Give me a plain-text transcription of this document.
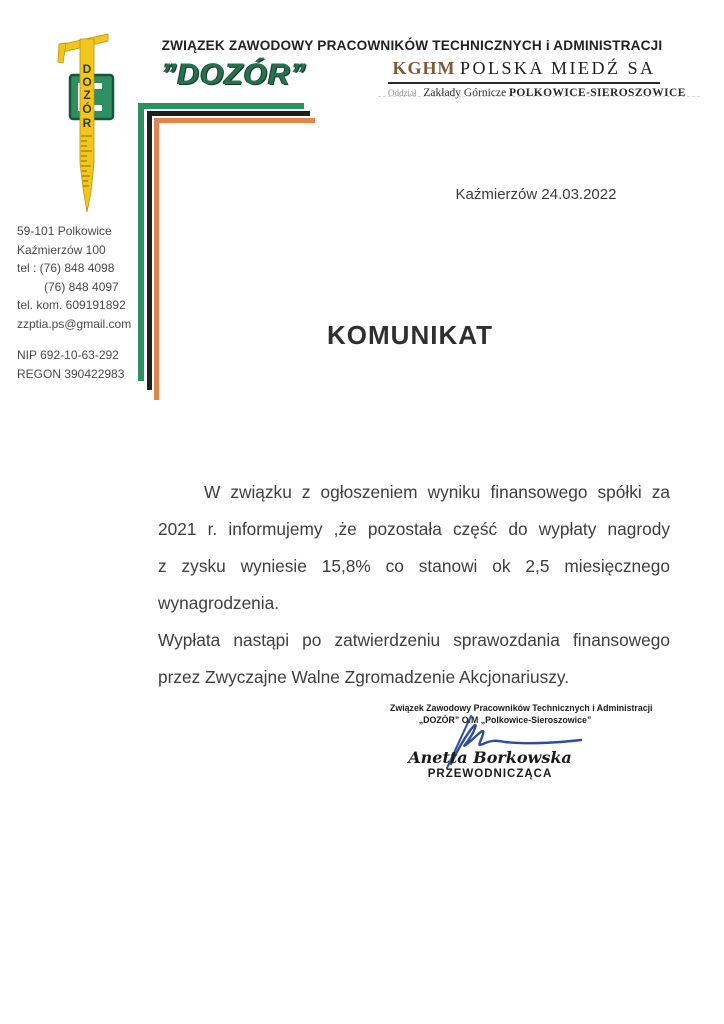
D
O
Z
Ó
R
ZWIĄZEK ZAWODOWY PRACOWNIKÓW TECHNICZNYCH i ADMINISTRACJI
”DOZÓR”	KGHM POLSKA MIEDŹ SA
Oddział Zakłady Górnicze POLKOWICE-SIEROSZOWICE
Kaźmierzów 24.03.2022
59-101 Polkowice
Kaźmierzów 100
tel : (76) 848 4098
(76) 848 4097
tel. kom. 609191892
zzptia.ps@gmail.com
NIP 692-10-63-292
REGON 390422983
KOMUNIKAT
W związku z ogłoszeniem wyniku finansowego spółki za
2021 r. informujemy ,że pozostała część do wypłaty nagrody
z zysku wyniesie 15,8% co stanowi ok 2,5 miesięcznego
wynagrodzenia.
Wypłata nastąpi po zatwierdzeniu sprawozdania finansowego
przez Zwyczajne Walne Zgromadzenie Akcjonariuszy.
Związek Zawodowy Pracowników Technicznych i Administracji
„DOZÓR” O/M „Polkowice-Sieroszowice”
Anetta Borkowska
PRZEWODNICZĄCA
